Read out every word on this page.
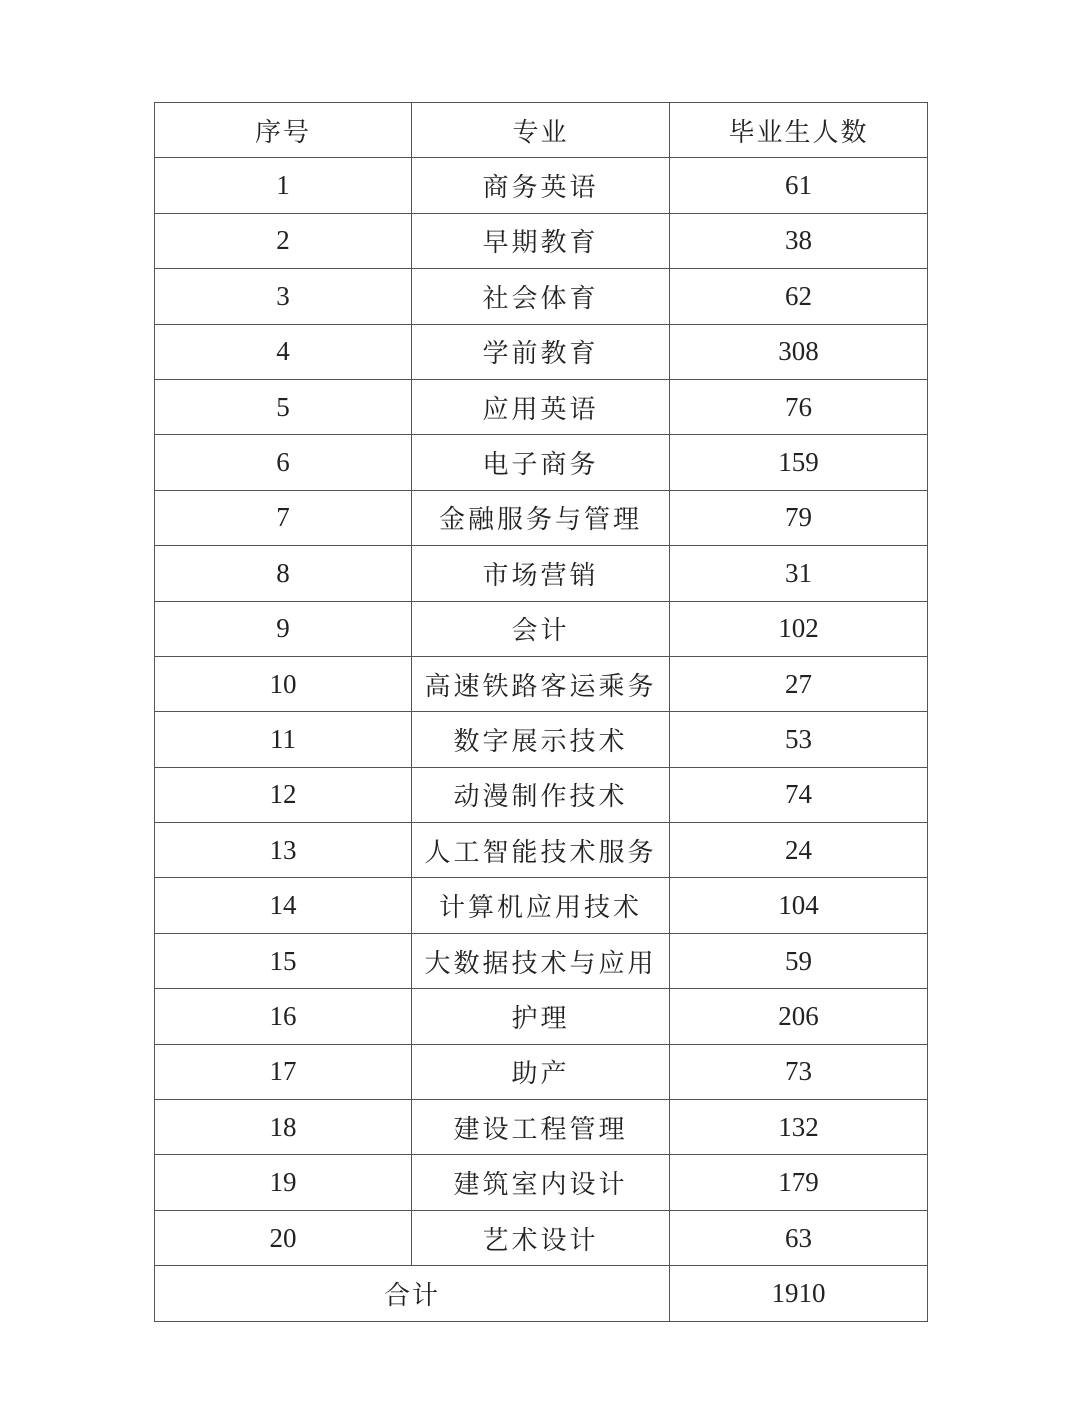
序号	专业	毕业生人数
1	商务英语	61
2	早期教育	38
3	社会体育	62
4	学前教育	308
5	应用英语	76
6	电子商务	159
7	金融服务与管理	79
8	市场营销	31
9	会计	102
10	高速铁路客运乘务	27
11	数字展示技术	53
12	动漫制作技术	74
13	人工智能技术服务	24
14	计算机应用技术	104
15	大数据技术与应用	59
16	护理	206
17	助产	73
18	建设工程管理	132
19	建筑室内设计	179
20	艺术设计	63
合计		1910
